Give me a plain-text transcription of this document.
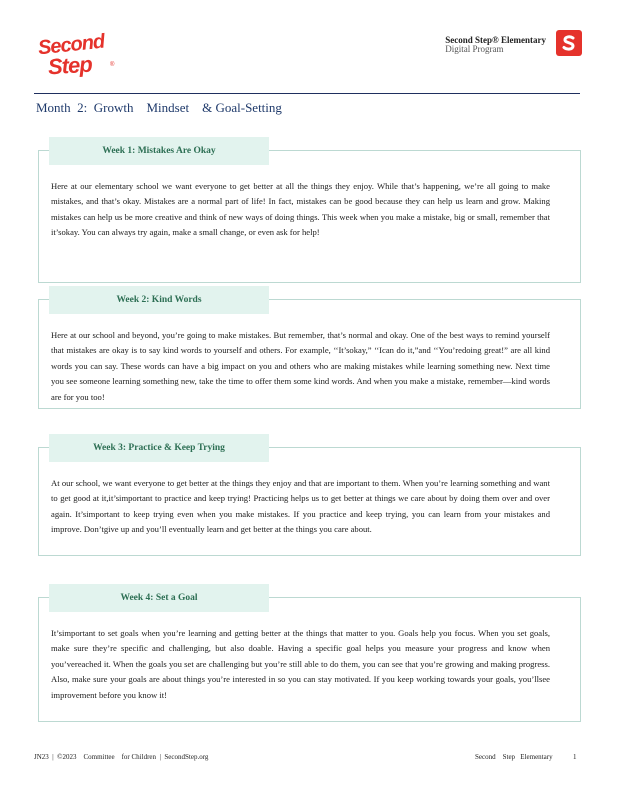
Second
Step	®
Second Step® Elementary
Digital Program
Month  2:  Growth    Mindset    & Goal-Setting
Week 1: Mistakes Are Okay
Here at our elementary school we want everyone to get better at all the things they enjoy. While that’s happening, we’re all going to make mistakes, and that’s okay. Mistakes are a normal part of life! In fact, mistakes can be good because they can help us learn and grow. Making mistakes can help us be more creative and think of new ways of doing things. This week when you make a mistake, big or small, remember that it’sokay. You can always try again, make a small change, or even ask for help!
Week 2: Kind Words
Here at our school and beyond, you’re going to make mistakes. But remember, that’s normal and okay. One of the best ways to remind yourself that mistakes are okay is to say kind words to yourself and others. For example, ‘‘It’sokay,” ‘‘Ican do it,”and ‘‘You’redoing great!” are all kind words you can say. These words can have a big impact on you and others who are making mistakes while learning something new. Next time you see someone learning something new, take the time to offer them some kind words. And when you make a mistake, remember—kind words are for you too!
Week 3: Practice & Keep Trying
At our school, we want everyone to get better at the things they enjoy and that are important to them. When you’re learning something and want to get good at it,it’simportant to practice and keep trying! Practicing helps us to get better at things we care about by doing them over and over again. It’simportant to keep trying even when you make mistakes. If you practice and keep trying, you can learn from your mistakes and improve. Don’tgive up and you’ll eventually learn and get better at the things you care about.
Week 4: Set a Goal
It’simportant to set goals when you’re learning and getting better at the things that matter to you. Goals help you focus. When you set goals, make sure they’re specific and challenging, but also doable. Having a specific goal helps you measure your progress and know when you’vereached it. When the goals you set are challenging but you’re still able to do them, you can see that you’re growing and making progress. Also, make sure your goals are about things you’re interested in so you can stay motivated. If you keep working towards your goals, you’llsee improvement before you know it!
JN23  |  ©2023    Committee    for Children  |  SecondStep.org	Second    Step   Elementary	1
